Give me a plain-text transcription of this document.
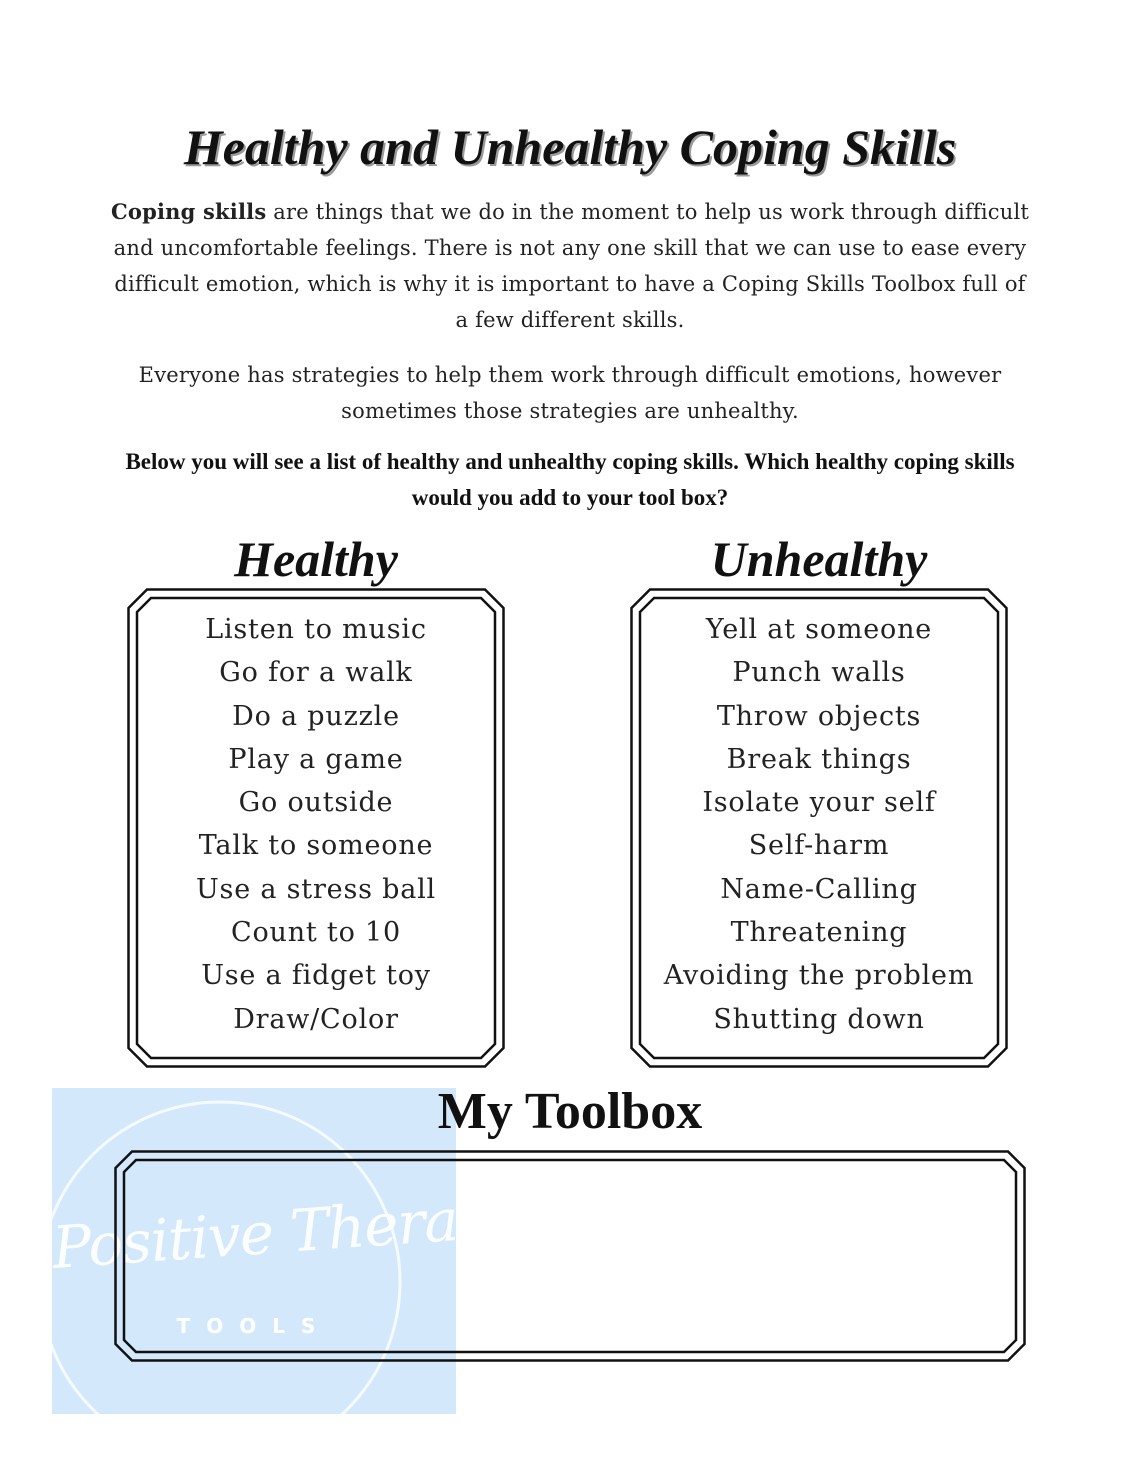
Healthy and Unhealthy Coping Skills

Coping skills are things that we do in the moment to help us work through difficult and uncomfortable feelings. There is not any one skill that we can use to ease every difficult emotion, which is why it is important to have a Coping Skills Toolbox full of a few different skills.

Everyone has strategies to help them work through difficult emotions, however sometimes those strategies are unhealthy.

Below you will see a list of healthy and unhealthy coping skills. Which healthy coping skills would you add to your tool box?

Healthy
Listen to music
Go for a walk
Do a puzzle
Play a game
Go outside
Talk to someone
Use a stress ball
Count to 10
Use a fidget toy
Draw/Color
Unhealthy
Yell at someone
Punch walls
Throw objects
Break things
Isolate your self
Self-harm
Name-Calling
Threatening
Avoiding the problem
Shutting down
Positive Therapy
TOOLS
My Toolbox
